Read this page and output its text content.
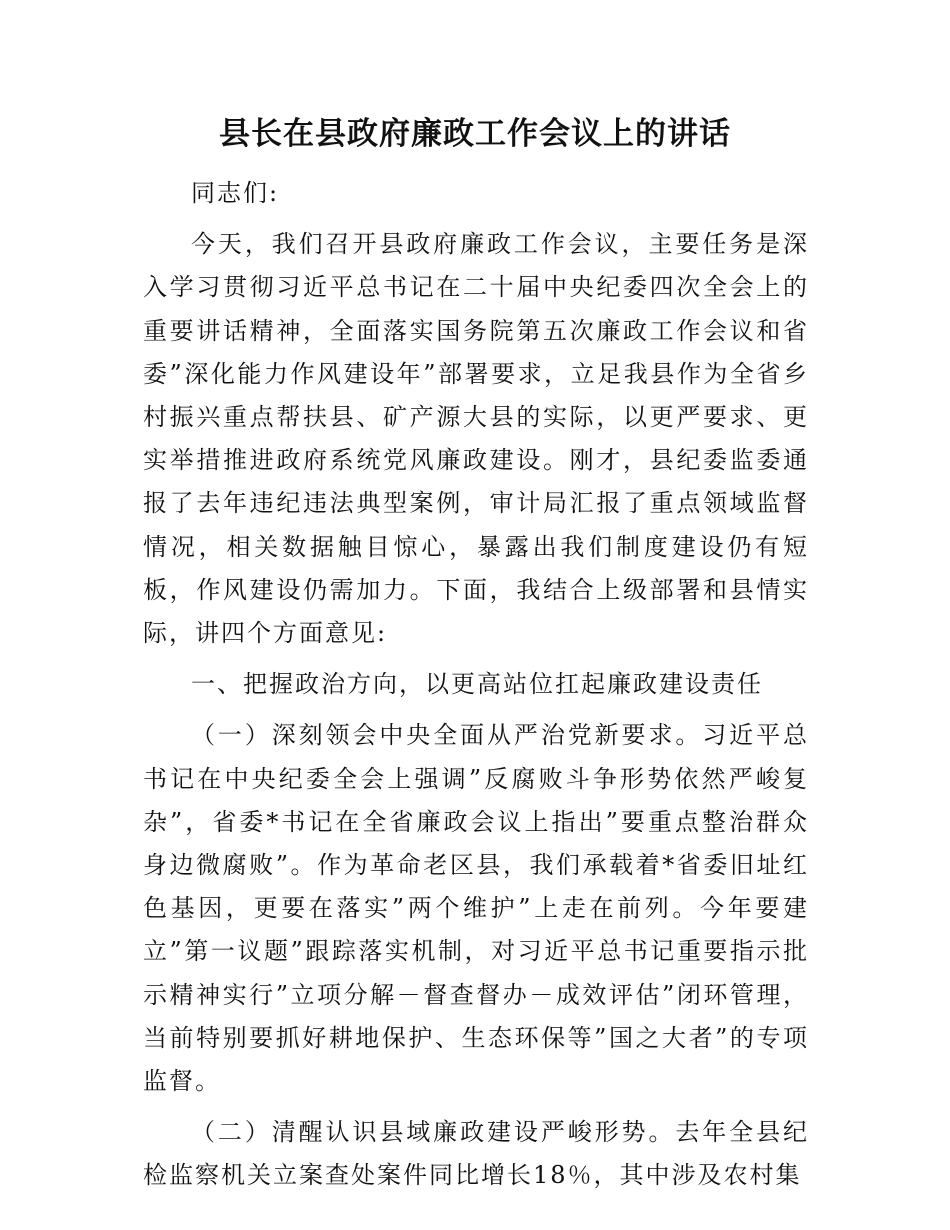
县长在县政府廉政工作会议上的讲话

同志们:

今天，我们召开县政府廉政工作会议，主要任务是深入学习贯彻习近平总书记在二十届中央纪委四次全会上的重要讲话精神，全面落实国务院第五次廉政工作会议和省委”深化能力作风建设年”部署要求，立足我县作为全省乡村振兴重点帮扶县、矿产源大县的实际，以更严要求、更实举措推进政府系统党风廉政建设。刚才，县纪委监委通报了去年违纪违法典型案例，审计局汇报了重点领域监督情况，相关数据触目惊心，暴露出我们制度建设仍有短板，作风建设仍需加力。下面，我结合上级部署和县情实际，讲四个方面意见:

一、把握政治方向，以更高站位扛起廉政建设责任

（一）深刻领会中央全面从严治党新要求。习近平总书记在中央纪委全会上强调”反腐败斗争形势依然严峻复杂”，省委*书记在全省廉政会议上指出”要重点整治群众身边微腐败”。作为革命老区县，我们承载着*省委旧址红色基因，更要在落实”两个维护”上走在前列。今年要建立”第一议题”跟踪落实机制，对习近平总书记重要指示批示精神实行”立项分解－督查督办－成效评估”闭环管理，当前特别要抓好耕地保护、生态环保等”国之大者”的专项监督。

（二）清醒认识县域廉政建设严峻形势。去年全县纪检监察机关立案查处案件同比增长18％，其中涉及农村集
